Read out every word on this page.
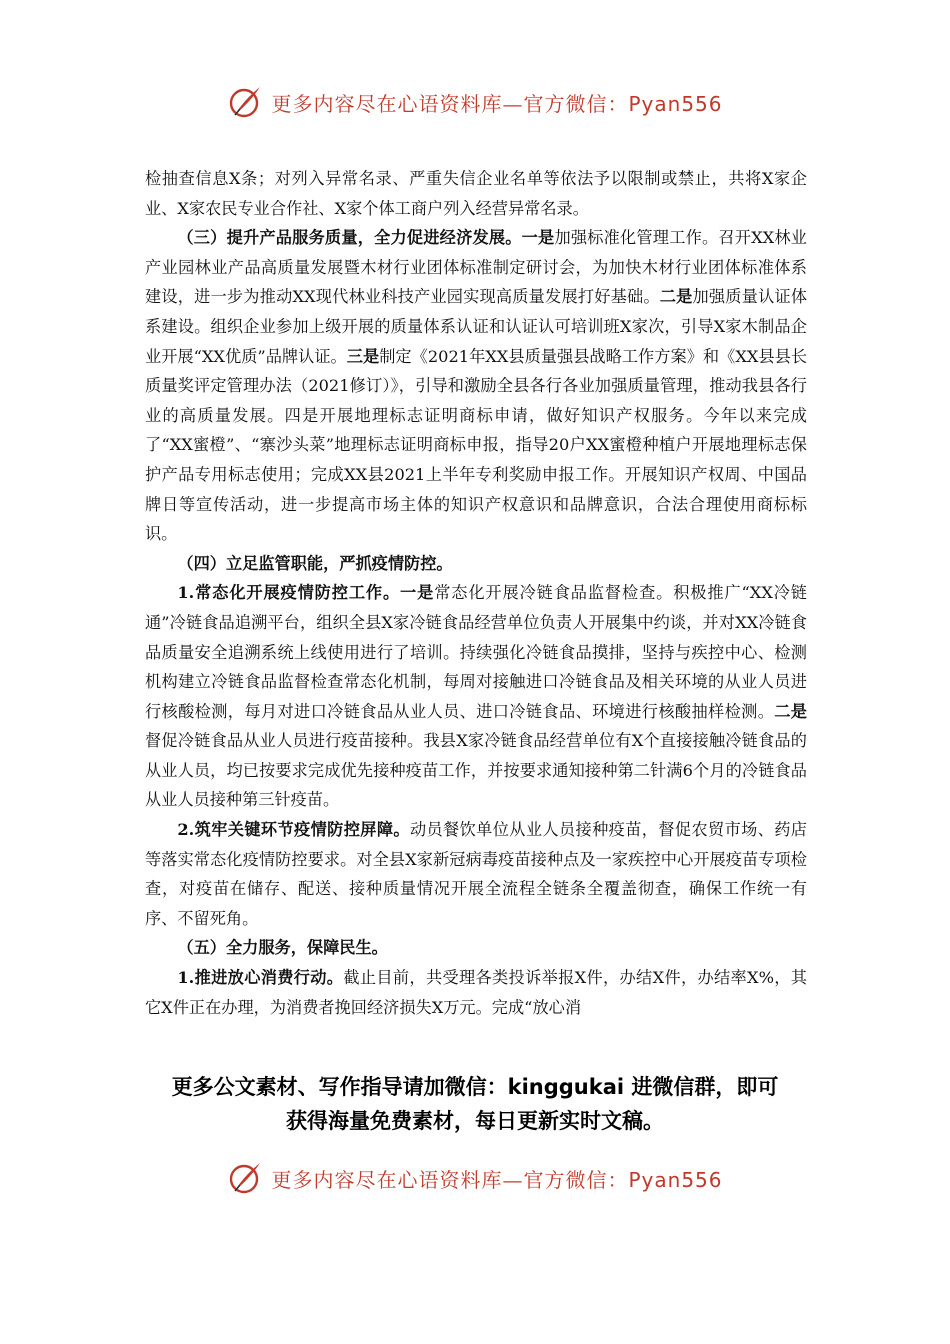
更多内容尽在心语资料库—官方微信：Pyan556

检抽查信息X条；对列入异常名录、严重失信企业名单等依法予以限制或禁止，共将X家企业、X家农民专业合作社、X家个体工商户列入经营异常名录。

（三）提升产品服务质量，全力促进经济发展。一是加强标准化管理工作。召开XX林业产业园林业产品高质量发展暨木材行业团体标准制定研讨会，为加快木材行业团体标准体系建设，进一步为推动XX现代林业科技产业园实现高质量发展打好基础。二是加强质量认证体系建设。组织企业参加上级开展的质量体系认证和认证认可培训班X家次，引导X家木制品企业开展“XX优质”品牌认证。三是制定《2021年XX县质量强县战略工作方案》和《XX县县长质量奖评定管理办法（2021修订）》，引导和激励全县各行各业加强质量管理，推动我县各行业的高质量发展。四是开展地理标志证明商标申请，做好知识产权服务。今年以来完成了“XX蜜橙”、“寨沙头菜”地理标志证明商标申报，指导20户XX蜜橙种植户开展地理标志保护产品专用标志使用；完成XX县2021上半年专利奖励申报工作。开展知识产权周、中国品牌日等宣传活动，进一步提高市场主体的知识产权意识和品牌意识，合法合理使用商标标识。

（四）立足监管职能，严抓疫情防控。

1.常态化开展疫情防控工作。一是常态化开展冷链食品监督检查。积极推广“XX冷链通”冷链食品追溯平台，组织全县X家冷链食品经营单位负责人开展集中约谈，并对XX冷链食品质量安全追溯系统上线使用进行了培训。持续强化冷链食品摸排，坚持与疾控中心、检测机构建立冷链食品监督检查常态化机制，每周对接触进口冷链食品及相关环境的从业人员进行核酸检测，每月对进口冷链食品从业人员、进口冷链食品、环境进行核酸抽样检测。二是督促冷链食品从业人员进行疫苗接种。我县X家冷链食品经营单位有X个直接接触冷链食品的从业人员，均已按要求完成优先接种疫苗工作，并按要求通知接种第二针满6个月的冷链食品从业人员接种第三针疫苗。

2.筑牢关键环节疫情防控屏障。动员餐饮单位从业人员接种疫苗，督促农贸市场、药店等落实常态化疫情防控要求。对全县X家新冠病毒疫苗接种点及一家疾控中心开展疫苗专项检查，对疫苗在储存、配送、接种质量情况开展全流程全链条全覆盖彻查，确保工作统一有序、不留死角。

（五）全力服务，保障民生。

1.推进放心消费行动。截止目前，共受理各类投诉举报X件，办结X件，办结率X%，其它X件正在办理，为消费者挽回经济损失X万元。完成“放心消

更多公文素材、写作指导请加微信：kinggukai 进微信群，即可
获得海量免费素材，每日更新实时文稿。
更多内容尽在心语资料库—官方微信：Pyan556
